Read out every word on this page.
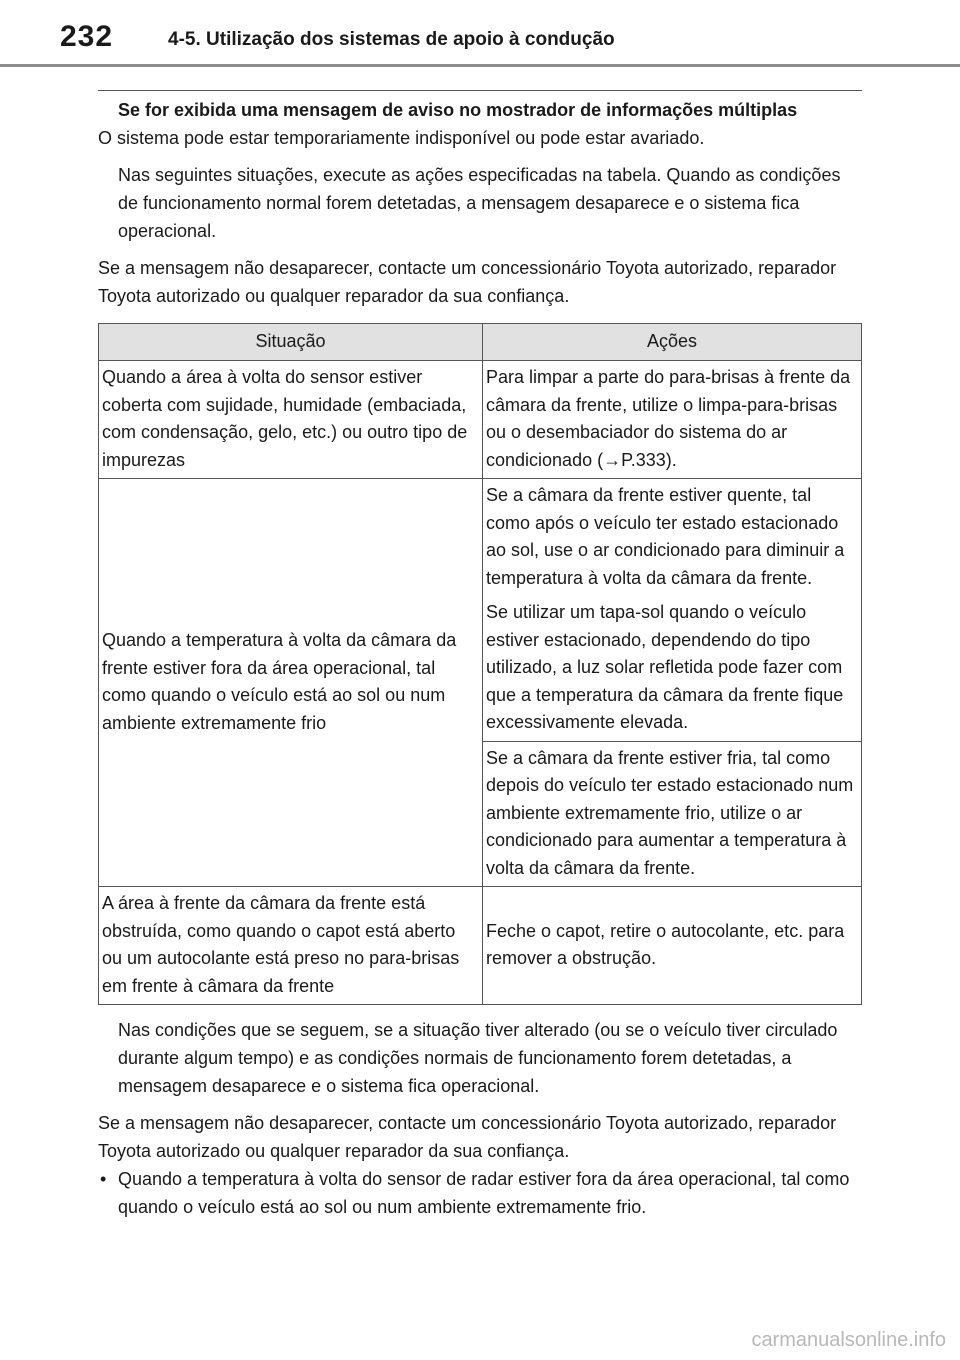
232	4-5. Utilização dos sistemas de apoio à condução

Se for exibida uma mensagem de aviso no mostrador de informações múltiplas

O sistema pode estar temporariamente indisponível ou pode estar avariado.

Nas seguintes situações, execute as ações especificadas na tabela. Quando as condições de funcionamento normal forem detetadas, a mensagem desaparece e o sistema fica operacional.

Se a mensagem não desaparecer, contacte um concessionário Toyota autorizado, reparador Toyota autorizado ou qualquer reparador da sua confiança.

Situação	Ações
Quando a área à volta do sensor estiver coberta com sujidade, humidade (embaciada, com condensação, gelo, etc.) ou outro tipo de impurezas	Para limpar a parte do para-brisas à frente da câmara da frente, utilize o limpa-para-brisas ou o desembaciador do sistema do ar condicionado (→P.333).
Quando a temperatura à volta da câmara da frente estiver fora da área operacional, tal como quando o veículo está ao sol ou num ambiente extremamente frio	Se a câmara da frente estiver quente, tal como após o veículo ter estado estacionado ao sol, use o ar condicionado para diminuir a temperatura à volta da câmara da frente.
Se utilizar um tapa-sol quando o veículo estiver estacionado, dependendo do tipo utilizado, a luz solar refletida pode fazer com que a temperatura da câmara da frente fique excessivamente elevada.

	Se a câmara da frente estiver fria, tal como depois do veículo ter estado estacionado num ambiente extremamente frio, utilize o ar condicionado para aumentar a temperatura à volta da câmara da frente.
A área à frente da câmara da frente está obstruída, como quando o capot está aberto ou um autocolante está preso no para-brisas em frente à câmara da frente	Feche o capot, retire o autocolante, etc. para remover a obstrução.

Nas condições que se seguem, se a situação tiver alterado (ou se o veículo tiver circulado durante algum tempo) e as condições normais de funcionamento forem detetadas, a mensagem desaparece e o sistema fica operacional.

Se a mensagem não desaparecer, contacte um concessionário Toyota autorizado, reparador Toyota autorizado ou qualquer reparador da sua confiança.

• Quando a temperatura à volta do sensor de radar estiver fora da área operacional, tal como quando o veículo está ao sol ou num ambiente extremamente frio.
carmanualsonline.info
